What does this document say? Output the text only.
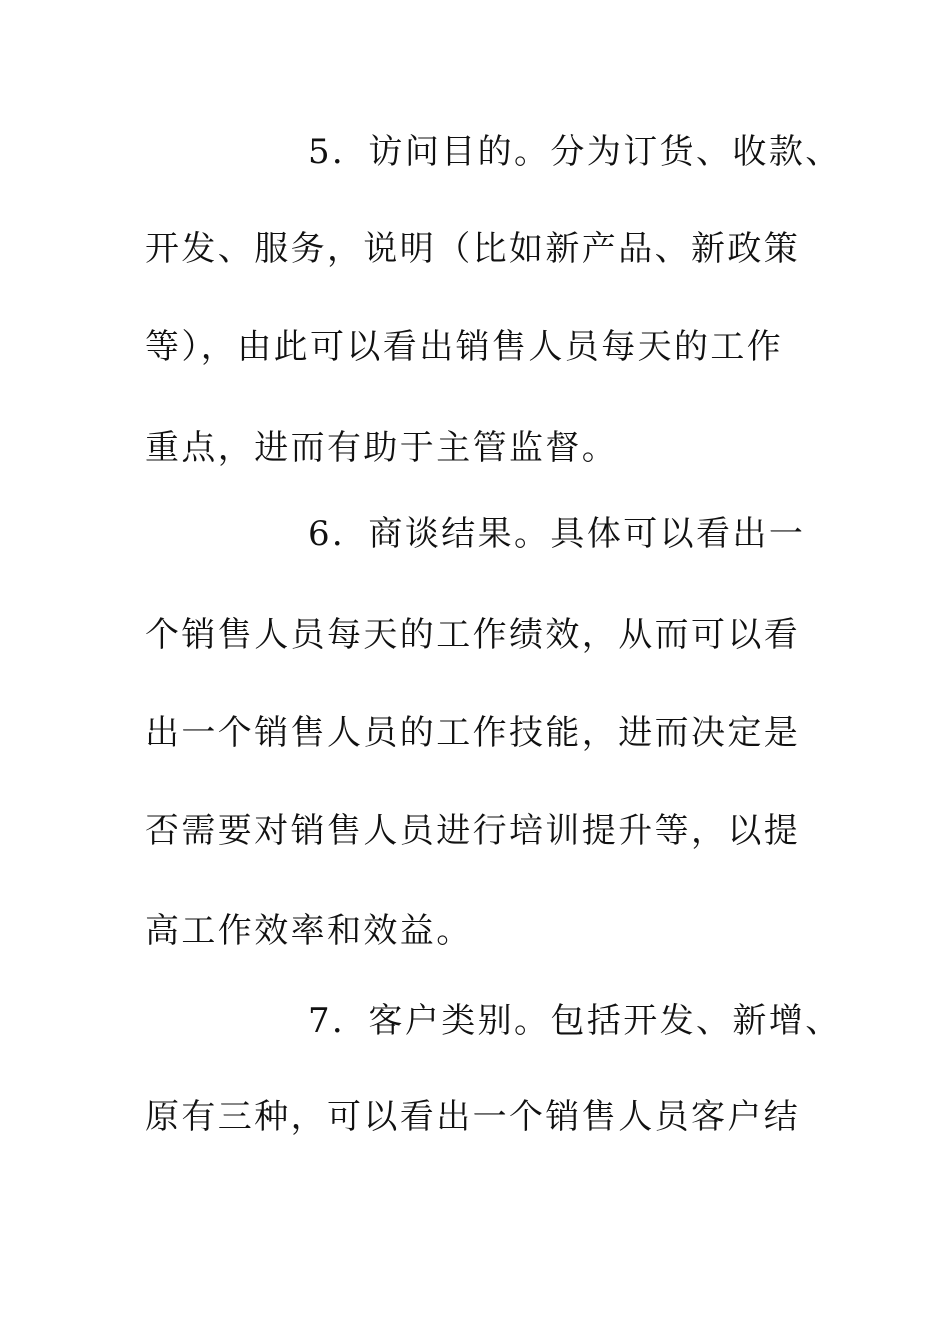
5．访问目的。分为订货、收款、
开发、服务，说明（比如新产品、新政策
等），由此可以看出销售人员每天的工作
重点，进而有助于主管监督。
6．商谈结果。具体可以看出一
个销售人员每天的工作绩效，从而可以看
出一个销售人员的工作技能，进而决定是
否需要对销售人员进行培训提升等，以提
高工作效率和效益。
7．客户类别。包括开发、新增、
原有三种，可以看出一个销售人员客户结
